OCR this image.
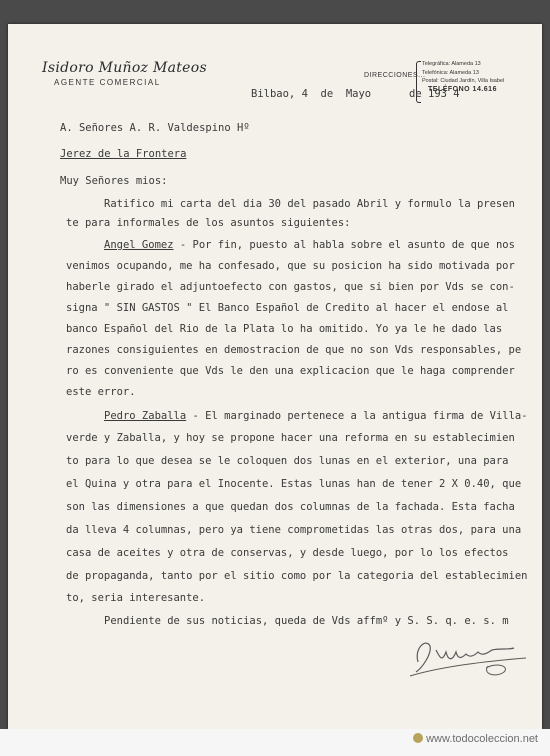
Isidoro Muñoz Mateos
AGENTE COMERCIAL
DIRECCIONES...
Telegráfica: Alameda 13
Telefónica: Alameda 13
Postal: Ciudad Jardín, Villa Isabel
TELÉFONO 14.616
Bilbao, 4  de  Mayo      de 193 4
A. Señores A. R. Valdespino Hº
Jerez de la Frontera
Muy Señores mios:
Ratifico mi carta del dia 30 del pasado Abril y formulo la presen
te para informales de los asuntos siguientes:
Angel Gomez - Por fin, puesto al habla sobre el asunto de que nos
venimos ocupando, me ha confesado, que su posicion ha sido motivada por
haberle girado el adjuntoefecto con gastos, que si bien por Vds se con-
signa " SIN GASTOS " El Banco Español de Credito al hacer el endose al
banco Español del Rio de la Plata lo ha omitido. Yo ya le he dado las
razones consiguientes en demostracion de que no son Vds responsables, pe
ro es conveniente que Vds le den una explicacion que le haga comprender
este error.
Pedro Zaballa - El marginado pertenece a la antigua firma de Villa-
verde y Zaballa, y hoy se propone hacer una reforma en su establecimien
to para lo que desea se le coloquen dos lunas en el exterior, una para
el Quina y otra para el Inocente. Estas lunas han de tener 2 X 0.40, que
son las dimensiones a que quedan dos columnas de la fachada. Esta facha
da lleva 4 columnas, pero ya tiene comprometidas las otras dos, para una
casa de aceites y otra de conservas, y desde luego, por lo los efectos
de propaganda, tanto por el sitio como por la categoria del establecimien
to, seria interesante.
Pendiente de sus noticias, queda de Vds affmº y S. S. q. e. s. m
www.todocoleccion.net
